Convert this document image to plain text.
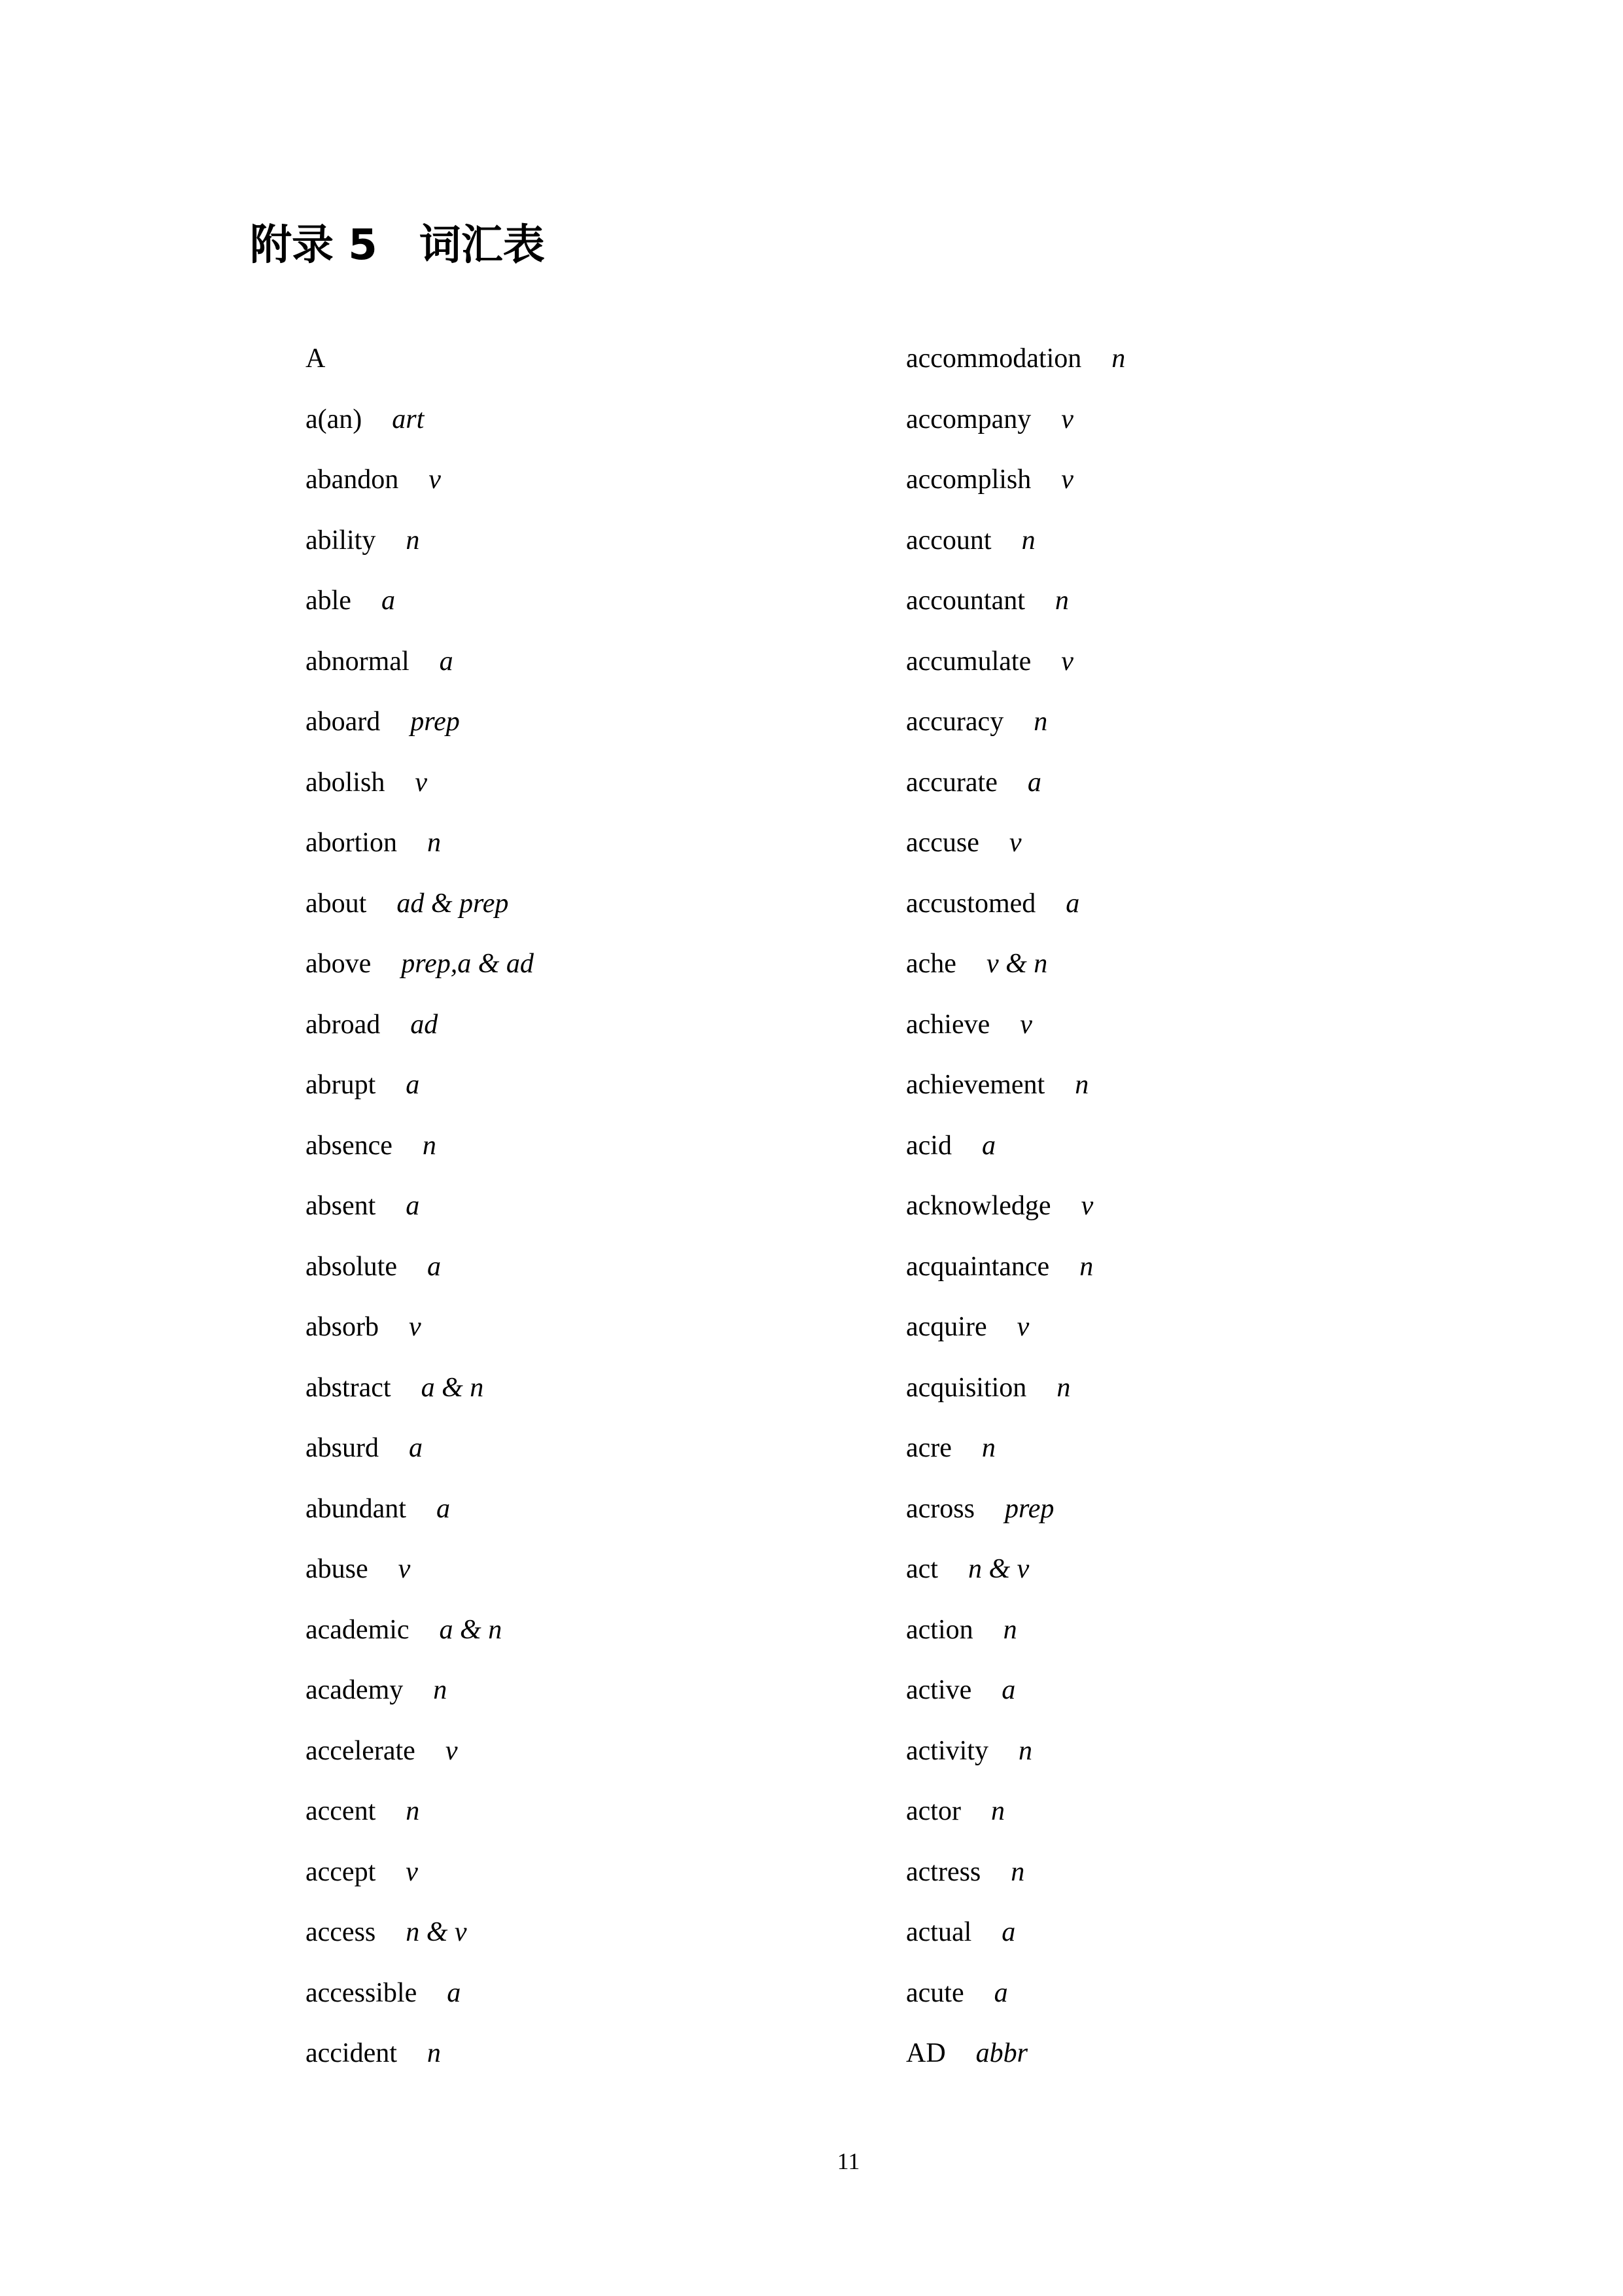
附录 5　词汇表
A
a(an) art
abandon v
ability n
able a
abnormal a
aboard prep
abolish v
abortion n
about ad & prep
above prep,a & ad
abroad ad
abrupt a
absence n
absent a
absolute a
absorb v
abstract a & n
absurd a
abundant a
abuse v
academic a & n
academy n
accelerate v
accent n
accept v
access n & v
accessible a
accident n
accommodation n
accompany v
accomplish v
account n
accountant n
accumulate v
accuracy n
accurate a
accuse v
accustomed a
ache v & n
achieve v
achievement n
acid a
acknowledge v
acquaintance n
acquire v
acquisition n
acre n
across prep
act n & v
action n
active a
activity n
actor n
actress n
actual a
acute a
AD abbr
11
